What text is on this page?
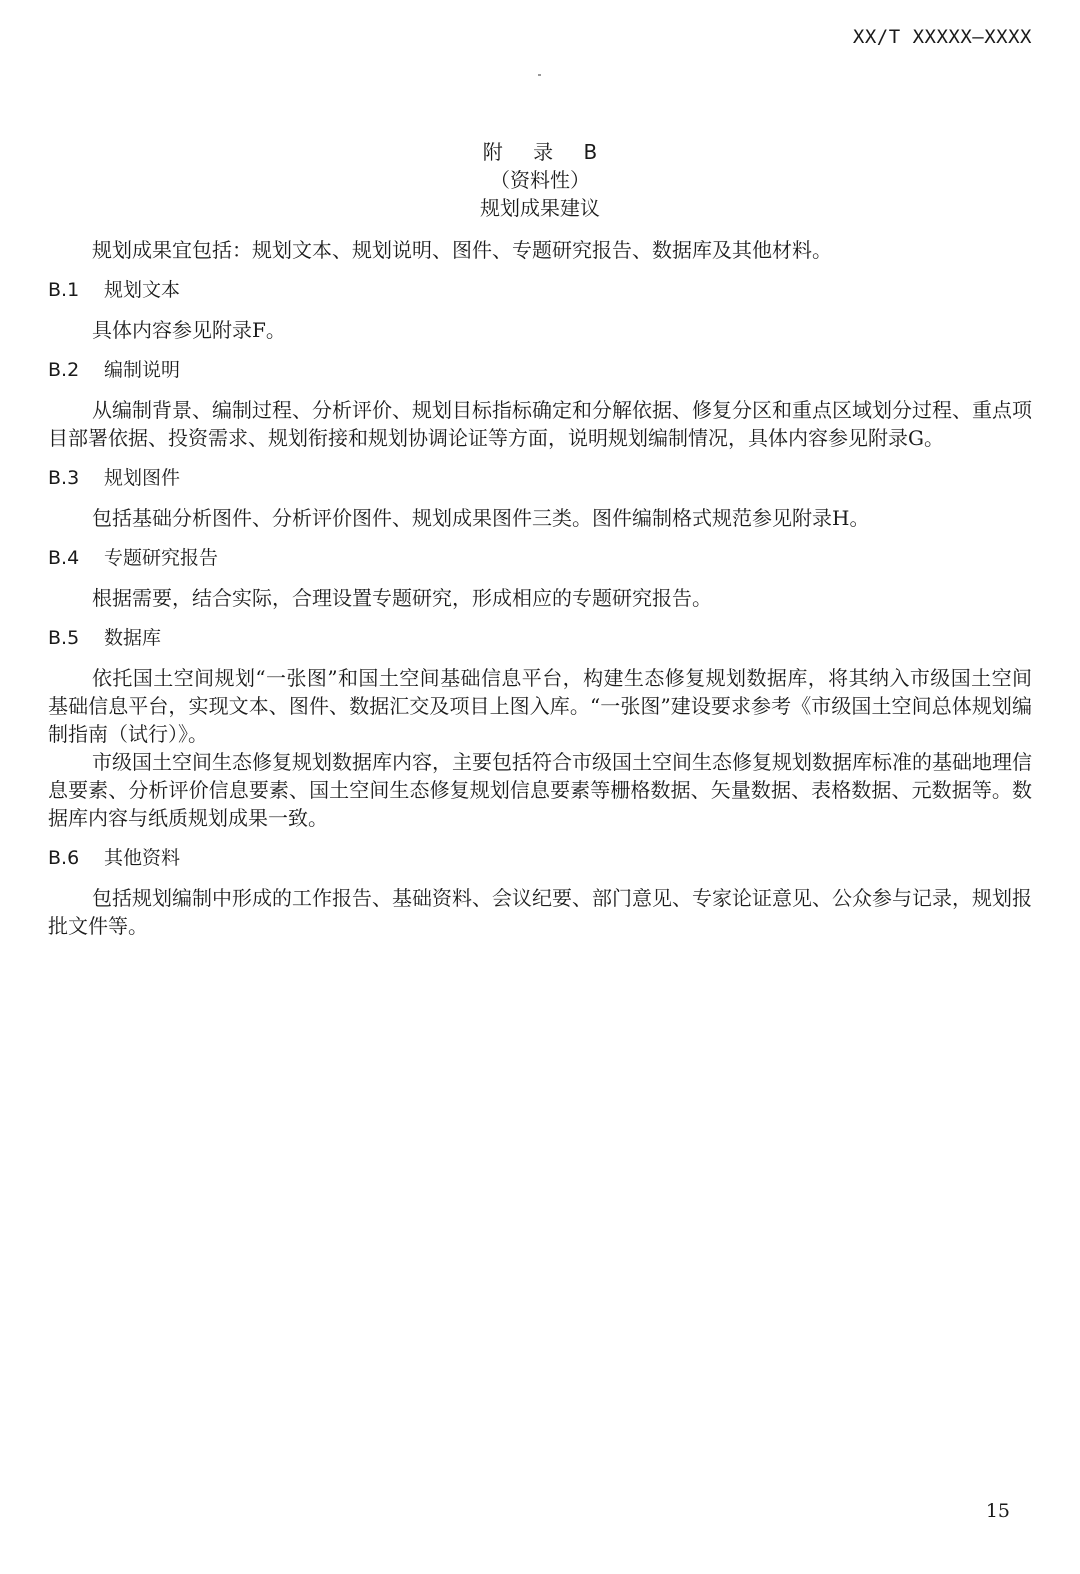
XX/T XXXXX—XXXX
附 录 B
（资料性）
规划成果建议

规划成果宜包括：规划文本、规划说明、图件、专题研究报告、数据库及其他材料。

B.1 规划文本

具体内容参见附录F。

B.2 编制说明

从编制背景、编制过程、分析评价、规划目标指标确定和分解依据、修复分区和重点区域划分过程、重点项目部署依据、投资需求、规划衔接和规划协调论证等方面，说明规划编制情况，具体内容参见附录G。

B.3 规划图件

包括基础分析图件、分析评价图件、规划成果图件三类。图件编制格式规范参见附录H。

B.4 专题研究报告

根据需要，结合实际，合理设置专题研究，形成相应的专题研究报告。

B.5 数据库

依托国土空间规划“一张图”和国土空间基础信息平台，构建生态修复规划数据库，将其纳入市级国土空间基础信息平台，实现文本、图件、数据汇交及项目上图入库。“一张图”建设要求参考《市级国土空间总体规划编制指南（试行）》。

市级国土空间生态修复规划数据库内容，主要包括符合市级国土空间生态修复规划数据库标准的基础地理信息要素、分析评价信息要素、国土空间生态修复规划信息要素等栅格数据、矢量数据、表格数据、元数据等。数据库内容与纸质规划成果一致。

B.6 其他资料

包括规划编制中形成的工作报告、基础资料、会议纪要、部门意见、专家论证意见、公众参与记录，规划报批文件等。

15
